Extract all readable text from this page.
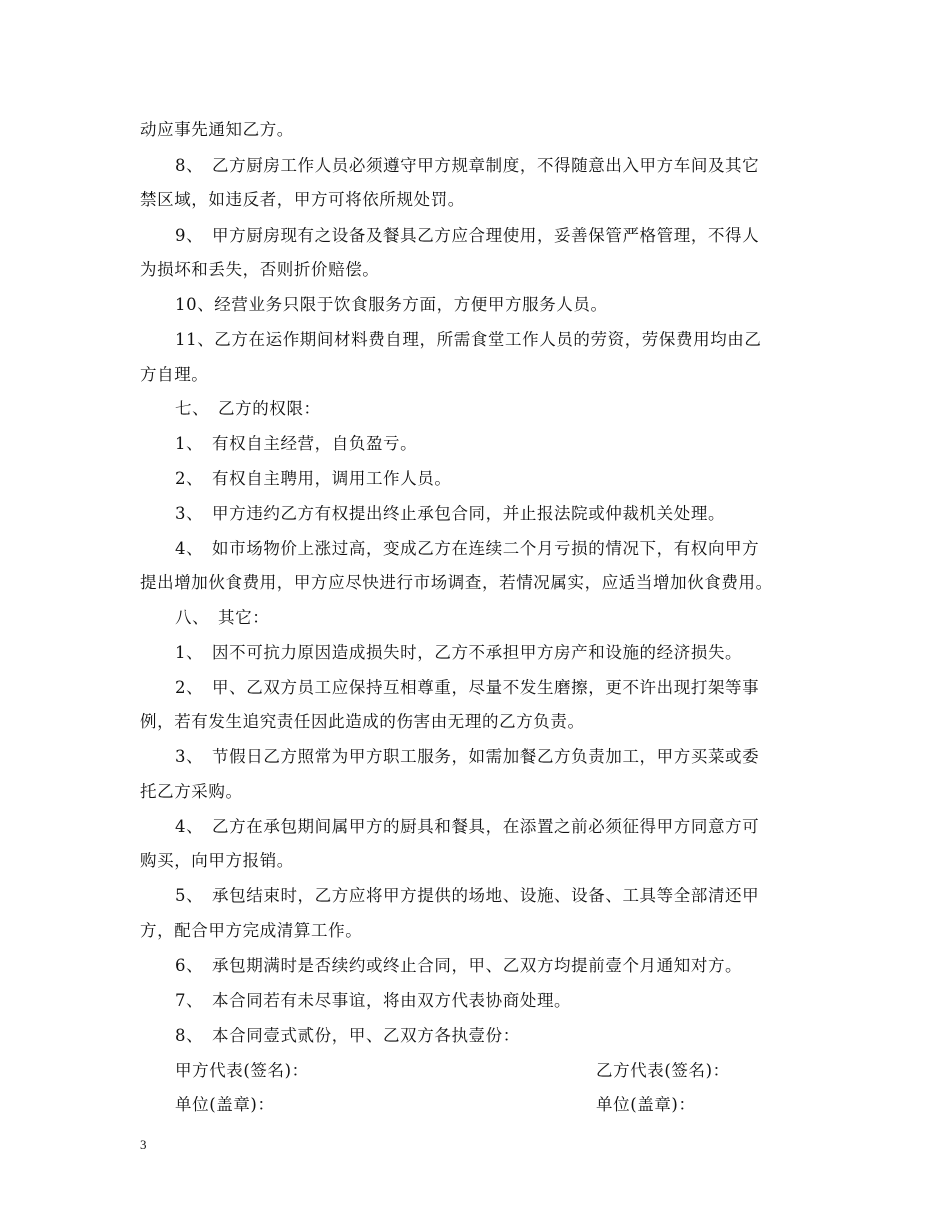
动应事先通知乙方。
8、　乙方厨房工作人员必须遵守甲方规章制度，不得随意出入甲方车间及其它
禁区域，如违反者，甲方可将依所规处罚。
9、　甲方厨房现有之设备及餐具乙方应合理使用，妥善保管严格管理，不得人
为损坏和丢失，否则折价赔偿。
10、经营业务只限于饮食服务方面，方便甲方服务人员。
11、乙方在运作期间材料费自理，所需食堂工作人员的劳资，劳保费用均由乙
方自理。
七、　乙方的权限：
1、　有权自主经营，自负盈亏。
2、　有权自主聘用，调用工作人员。
3、　甲方违约乙方有权提出终止承包合同，并止报法院或仲裁机关处理。
4、　如市场物价上涨过高，变成乙方在连续二个月亏损的情况下，有权向甲方
提出增加伙食费用，甲方应尽快进行市场调查，若情况属实，应适当增加伙食费用。
八、　其它：
1、　因不可抗力原因造成损失时，乙方不承担甲方房产和设施的经济损失。
2、　甲、乙双方员工应保持互相尊重，尽量不发生磨擦，更不许出现打架等事
例，若有发生追究责任因此造成的伤害由无理的乙方负责。
3、　节假日乙方照常为甲方职工服务，如需加餐乙方负责加工，甲方买菜或委
托乙方采购。
4、　乙方在承包期间属甲方的厨具和餐具，在添置之前必须征得甲方同意方可
购买，向甲方报销。
5、　承包结束时，乙方应将甲方提供的场地、设施、设备、工具等全部清还甲
方，配合甲方完成清算工作。
6、　承包期满时是否续约或终止合同，甲、乙双方均提前壹个月通知对方。
7、　本合同若有未尽事谊，将由双方代表协商处理。
8、　本合同壹式贰份，甲、乙双方各执壹份：
甲方代表(签名)：	乙方代表(签名)：
单位(盖章)：	单位(盖章)：
3
